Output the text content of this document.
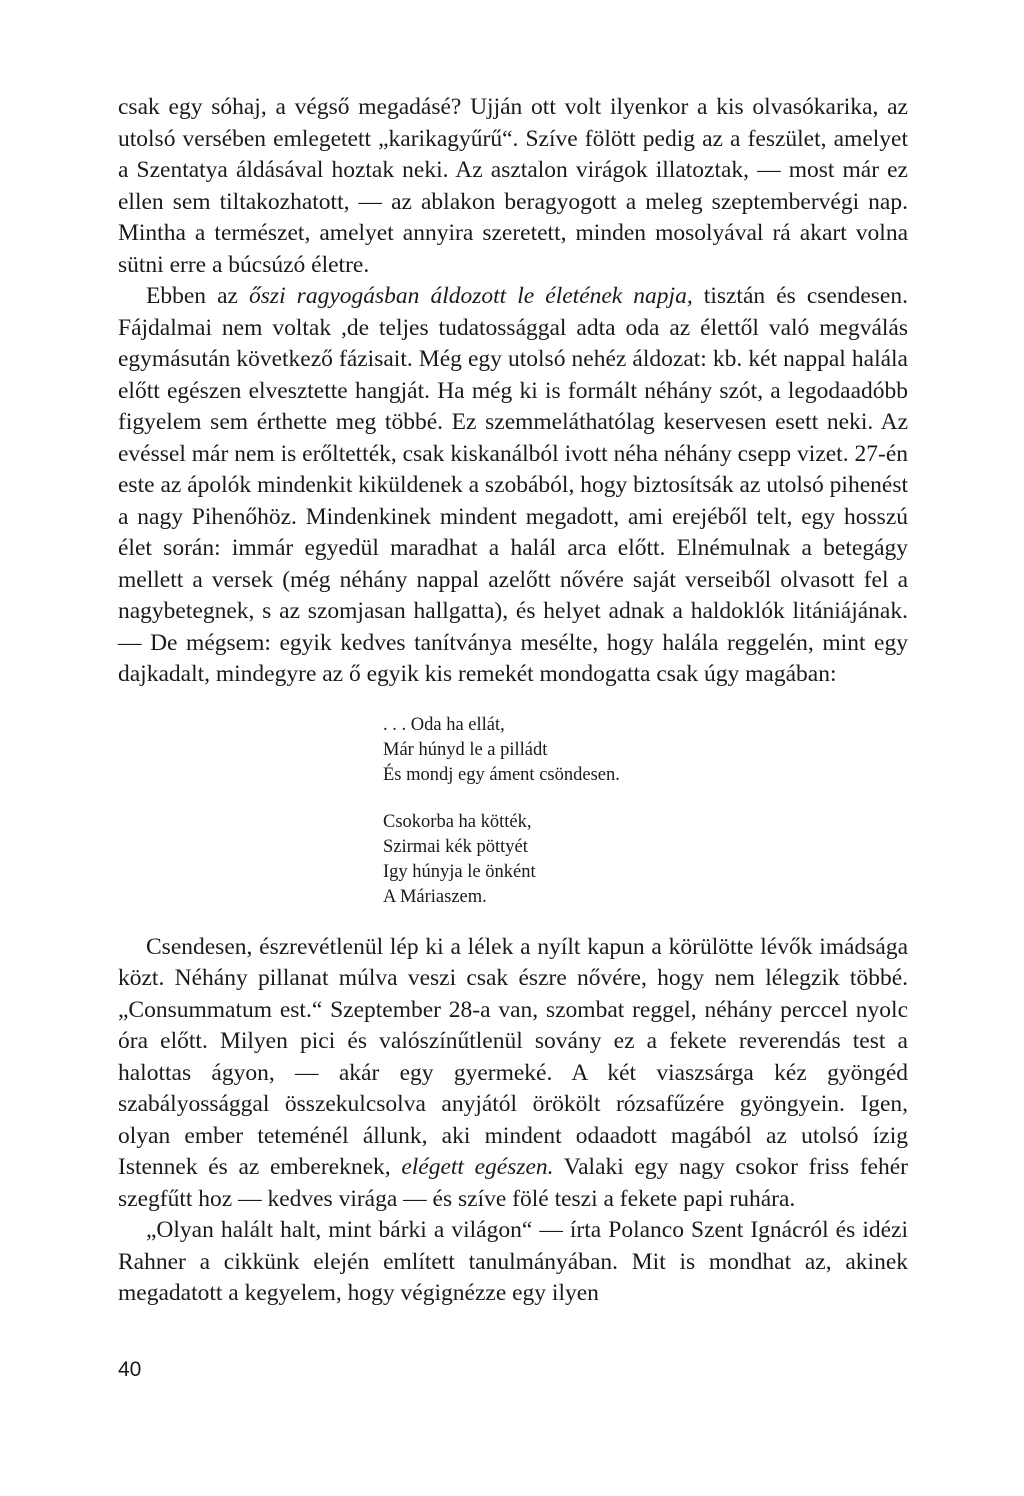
csak egy sóhaj, a végső megadásé? Ujján ott volt ilyenkor a kis olvasókarika, az utolsó versében emlegetett „karikagyűrű“. Szíve fölött pedig az a feszület, amelyet a Szentatya áldásával hoztak neki. Az asztalon virágok illatoztak, — most már ez ellen sem tiltakozhatott, — az ablakon beragyogott a meleg szeptembervégi nap. Mintha a természet, amelyet annyira szeretett, minden mosolyával rá akart volna sütni erre a búcsúzó életre.

Ebben az őszi ragyogásban áldozott le életének napja, tisztán és csendesen. Fájdalmai nem voltak ,de teljes tudatossággal adta oda az élettől való megválás egymásután következő fázisait. Még egy utolsó nehéz áldozat: kb. két nappal halála előtt egészen elvesztette hangját. Ha még ki is formált néhány szót, a legodaadóbb figyelem sem érthette meg többé. Ez szemmeláthatólag keservesen esett neki. Az evéssel már nem is erőltették, csak kiskanálból ivott néha néhány csepp vizet. 27-én este az ápolók mindenkit kiküldenek a szobából, hogy biztosítsák az utolsó pihenést a nagy Pihenőhöz. Mindenkinek mindent megadott, ami erejéből telt, egy hosszú élet során: immár egyedül maradhat a halál arca előtt. Elnémulnak a betegágy mellett a versek (még néhány nappal azelőtt nővére saját verseiből olvasott fel a nagybetegnek, s az szomjasan hallgatta), és helyet adnak a haldoklók litániájának. — De mégsem: egyik kedves tanítványa mesélte, hogy halála reggelén, mint egy dajkadalt, mindegyre az ő egyik kis remekét mondogatta csak úgy magában:

. . . Oda ha ellát,
Már húnyd le a pilládt
És mondj egy áment csöndesen.
Csokorba ha kötték,
Szirmai kék pöttyét
Igy húnyja le önként
A Máriaszem.

Csendesen, észrevétlenül lép ki a lélek a nyílt kapun a körülötte lévők imádsága közt. Néhány pillanat múlva veszi csak észre nővére, hogy nem lélegzik többé. „Consummatum est.“ Szeptember 28-a van, szombat reggel, néhány perccel nyolc óra előtt. Milyen pici és valószínűtlenül sovány ez a fekete reverendás test a halottas ágyon, — akár egy gyermeké. A két viaszsárga kéz gyöngéd szabályossággal összekulcsolva anyjától örökölt rózsafűzére gyöngyein. Igen, olyan ember teteménél állunk, aki mindent odaadott magából az utolsó ízig Istennek és az embereknek, elégett egészen. Valaki egy nagy csokor friss fehér szegfűtt hoz — kedves virága — és szíve fölé teszi a fekete papi ruhára.

„Olyan halált halt, mint bárki a világon“ — írta Polanco Szent Ignácról és idézi Rahner a cikkünk elején említett tanulmányában. Mit is mondhat az, akinek megadatott a kegyelem, hogy végignézze egy ilyen

40
